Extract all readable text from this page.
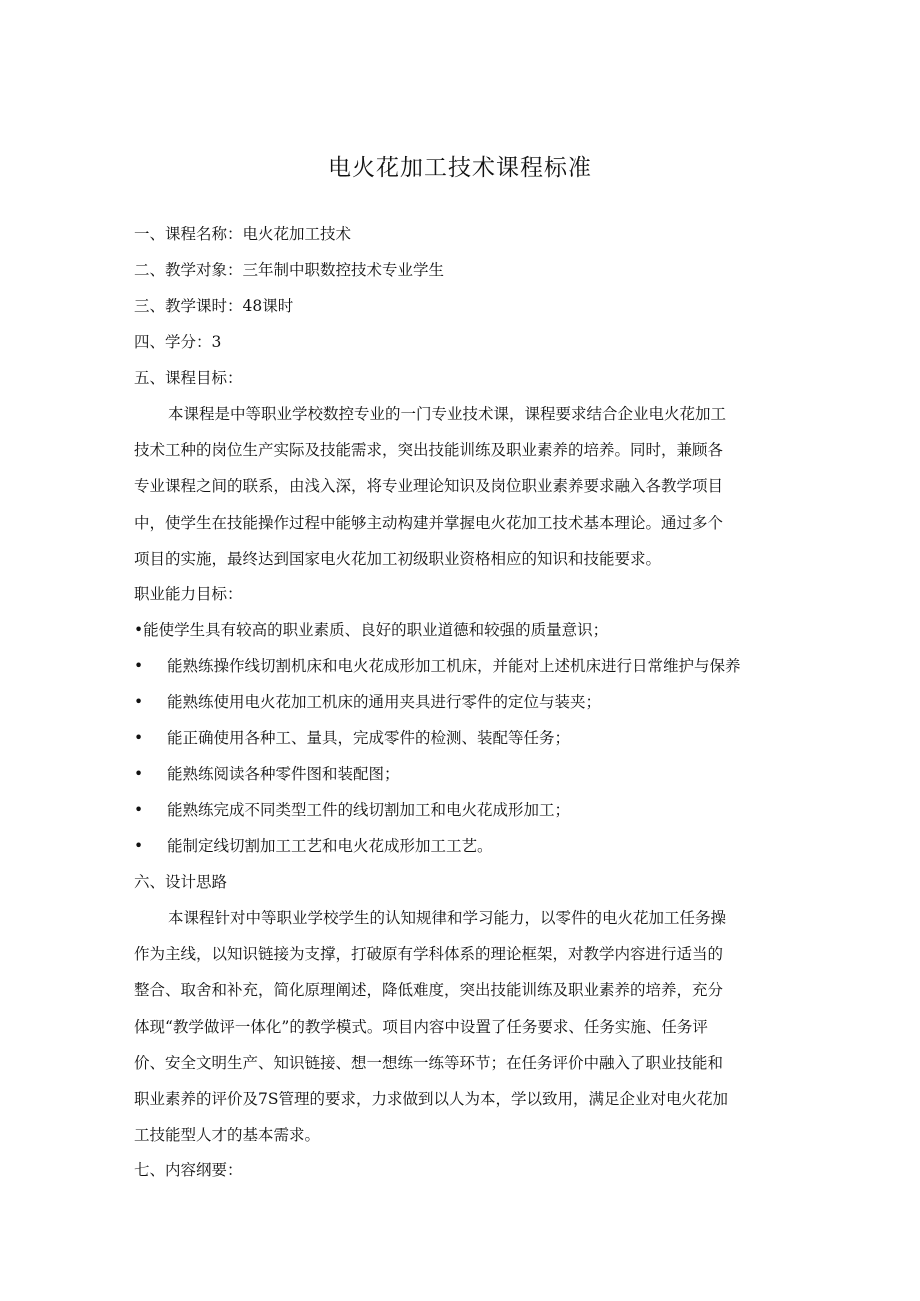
电火花加工技术课程标准
一、课程名称：电火花加工技术
二、教学对象：三年制中职数控技术专业学生
三、教学课时：48课时
四、学分：3
五、课程目标：
本课程是中等职业学校数控专业的一门专业技术课，课程要求结合企业电火花加工
技术工种的岗位生产实际及技能需求，突出技能训练及职业素养的培养。同时，兼顾各
专业课程之间的联系，由浅入深，将专业理论知识及岗位职业素养要求融入各教学项目
中，使学生在技能操作过程中能够主动构建并掌握电火花加工技术基本理论。通过多个
项目的实施，最终达到国家电火花加工初级职业资格相应的知识和技能要求。
职业能力目标：
•能使学生具有较高的职业素质、良好的职业道德和较强的质量意识；
• 能熟练操作线切割机床和电火花成形加工机床，并能对上述机床进行日常维护与保养
• 能熟练使用电火花加工机床的通用夹具进行零件的定位与装夹；
• 能正确使用各种工、量具，完成零件的检测、装配等任务；
• 能熟练阅读各种零件图和装配图；
• 能熟练完成不同类型工件的线切割加工和电火花成形加工；
• 能制定线切割加工工艺和电火花成形加工工艺。
六、设计思路
本课程针对中等职业学校学生的认知规律和学习能力，以零件的电火花加工任务操
作为主线，以知识链接为支撑，打破原有学科体系的理论框架，对教学内容进行适当的
整合、取舍和补充，简化原理阐述，降低难度，突出技能训练及职业素养的培养，充分
体现“教学做评一体化”的教学模式。项目内容中设置了任务要求、任务实施、任务评
价、安全文明生产、知识链接、想一想练一练等环节；在任务评价中融入了职业技能和
职业素养的评价及7S管理的要求，力求做到以人为本，学以致用，满足企业对电火花加
工技能型人才的基本需求。
七、内容纲要：
